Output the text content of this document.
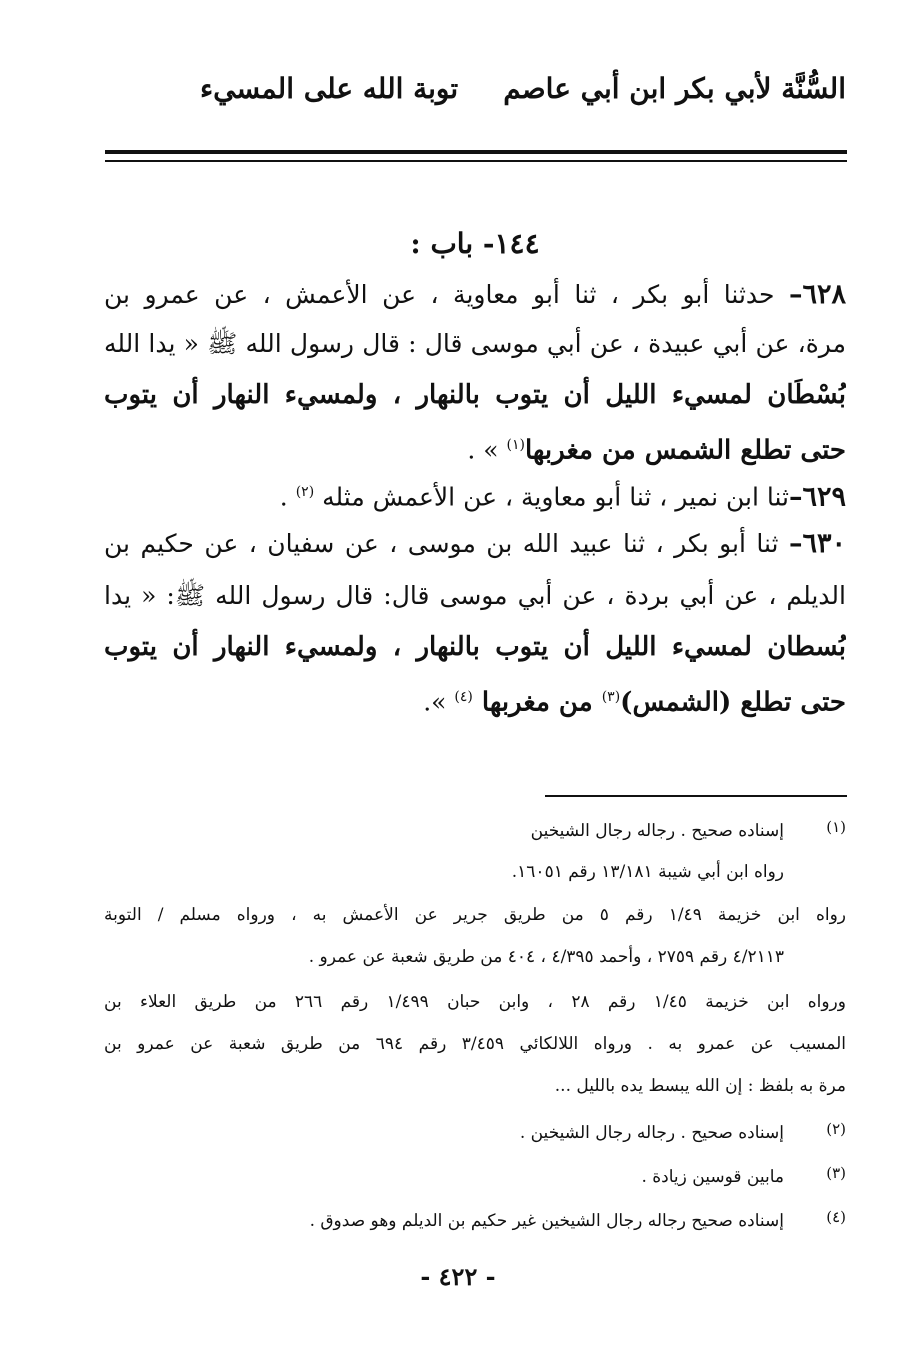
السُّنَّة لأبي بكر ابن أبي عاصم
توبة الله على المسيء
١٤٤- باب :
٦٢٨– حدثنا أبو بكر ، ثنا أبو معاوية ، عن الأعمش ، عن عمرو بن
مرة، عن أبي عبيدة ، عن أبي موسى قال : قال رسول الله ﷺ « يدا الله
بُسْطَان لمسيء الليل أن يتوب بالنهار ، ولمسيء النهار أن يتوب
حتى تطلع الشمس من مغربها$^{(١)}$ » .
٦٢٩–ثنا ابن نمير ، ثنا أبو معاوية ، عن الأعمش مثله $^{(٢)}$ .
٦٣٠– ثنا أبو بكر ، ثنا عبيد الله بن موسى ، عن سفيان ، عن حكيم بن
الديلم ، عن أبي بردة ، عن أبي موسى قال: قال رسول الله ﷺ: « يدا
بُسطان لمسيء الليل أن يتوب بالنهار ، ولمسيء النهار أن يتوب
حتى تطلع (الشمس)$^{(٣)}$ من مغربها $^{(٤)}$ ».
(١)
إسناده صحيح . رجاله رجال الشيخين
رواه ابن أبي شيبة ١٣/١٨١ رقم ١٦٠٥١.
رواه ابن خزيمة ١/٤٩ رقم ٥ من طريق جرير عن الأعمش به ، ورواه مسلم / التوبة
٤/٢١١٣ رقم ٢٧٥٩ ، وأحمد ٤/٣٩٥ ، ٤٠٤ من طريق شعبة عن عمرو .
ورواه ابن خزيمة ١/٤٥ رقم ٢٨ ، وابن حبان ١/٤٩٩ رقم ٢٦٦ من طريق العلاء بن
المسيب عن عمرو به . ورواه اللالكائي ٣/٤٥٩ رقم ٦٩٤ من طريق شعبة عن عمرو بن
مرة به بلفظ : إن الله يبسط يده بالليل ...
(٢)
إسناده صحيح . رجاله رجال الشيخين .
(٣)
مابين قوسين زيادة .
(٤)
إسناده صحيح رجاله رجال الشيخين غير حكيم بن الديلم وهو صدوق .
- ٤٢٢ -
